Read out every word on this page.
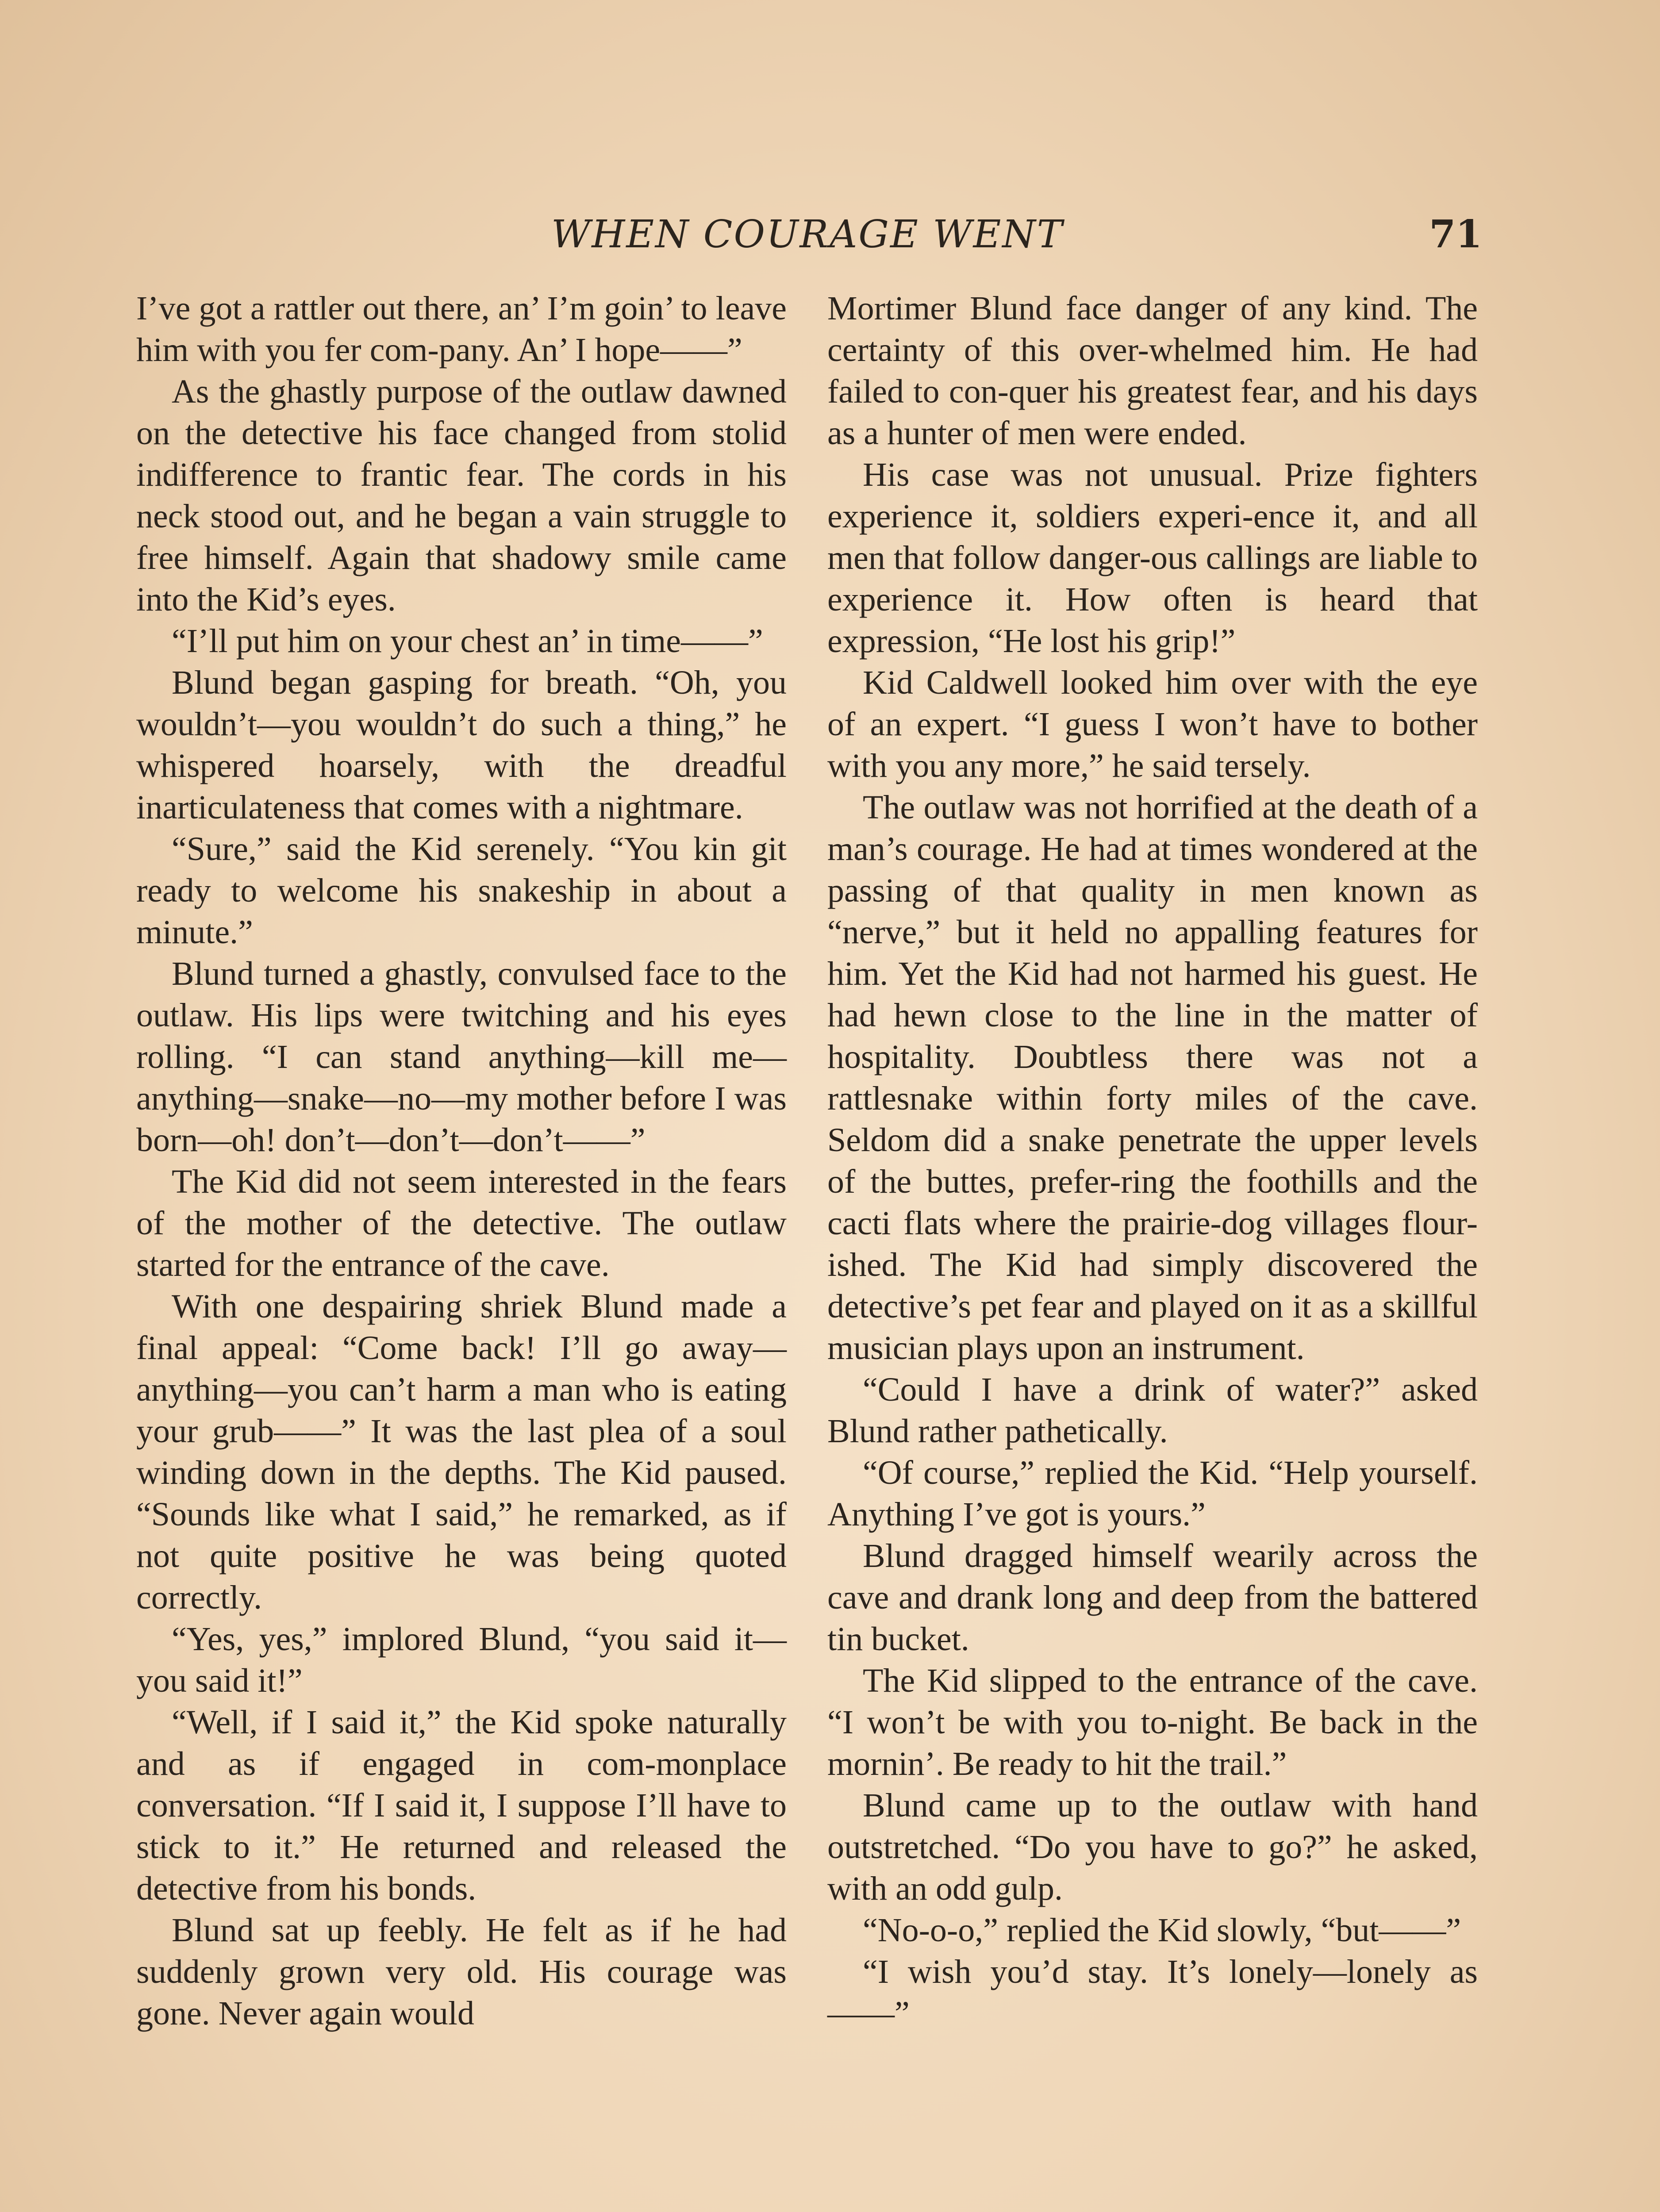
WHEN COURAGE WENT	71

I’ve got a rattler out there, an’ I’m goin’ to leave him with you fer com-pany. An’ I hope——”

As the ghastly purpose of the outlaw dawned on the detective his face changed from stolid indifference to frantic fear. The cords in his neck stood out, and he began a vain struggle to free himself. Again that shadowy smile came into the Kid’s eyes.

“I’ll put him on your chest an’ in time——”

Blund began gasping for breath. “Oh, you wouldn’t—you wouldn’t do such a thing,” he whispered hoarsely, with the dreadful inarticulateness that comes with a nightmare.

“Sure,” said the Kid serenely. “You kin git ready to welcome his snakeship in about a minute.”

Blund turned a ghastly, convulsed face to the outlaw. His lips were twitching and his eyes rolling. “I can stand anything—kill me—anything—snake—no—my mother before I was born—oh! don’t—don’t—don’t——”

The Kid did not seem interested in the fears of the mother of the detective. The outlaw started for the entrance of the cave.

With one despairing shriek Blund made a final appeal: “Come back! I’ll go away—anything—you can’t harm a man who is eating your grub——” It was the last plea of a soul winding down in the depths. The Kid paused. “Sounds like what I said,” he remarked, as if not quite positive he was being quoted correctly.

“Yes, yes,” implored Blund, “you said it—you said it!”

“Well, if I said it,” the Kid spoke naturally and as if engaged in com-monplace conversation. “If I said it, I suppose I’ll have to stick to it.” He returned and released the detective from his bonds.

Blund sat up feebly. He felt as if he had suddenly grown very old. His courage was gone. Never again would

Mortimer Blund face danger of any kind. The certainty of this over-whelmed him. He had failed to con-quer his greatest fear, and his days as a hunter of men were ended.

His case was not unusual. Prize fighters experience it, soldiers experi-ence it, and all men that follow danger-ous callings are liable to experience it. How often is heard that expression, “He lost his grip!”

Kid Caldwell looked him over with the eye of an expert. “I guess I won’t have to bother with you any more,” he said tersely.

The outlaw was not horrified at the death of a man’s courage. He had at times wondered at the passing of that quality in men known as “nerve,” but it held no appalling features for him. Yet the Kid had not harmed his guest. He had hewn close to the line in the matter of hospitality. Doubtless there was not a rattlesnake within forty miles of the cave. Seldom did a snake penetrate the upper levels of the buttes, prefer-ring the foothills and the cacti flats where the prairie-dog villages flour-ished. The Kid had simply discovered the detective’s pet fear and played on it as a skillful musician plays upon an instrument.

“Could I have a drink of water?” asked Blund rather pathetically.

“Of course,” replied the Kid. “Help yourself. Anything I’ve got is yours.”

Blund dragged himself wearily across the cave and drank long and deep from the battered tin bucket.

The Kid slipped to the entrance of the cave. “I won’t be with you to-night. Be back in the mornin’. Be ready to hit the trail.”

Blund came up to the outlaw with hand outstretched. “Do you have to go?” he asked, with an odd gulp.

“No-o-o,” replied the Kid slowly, “but——”

“I wish you’d stay. It’s lonely—lonely as——”
